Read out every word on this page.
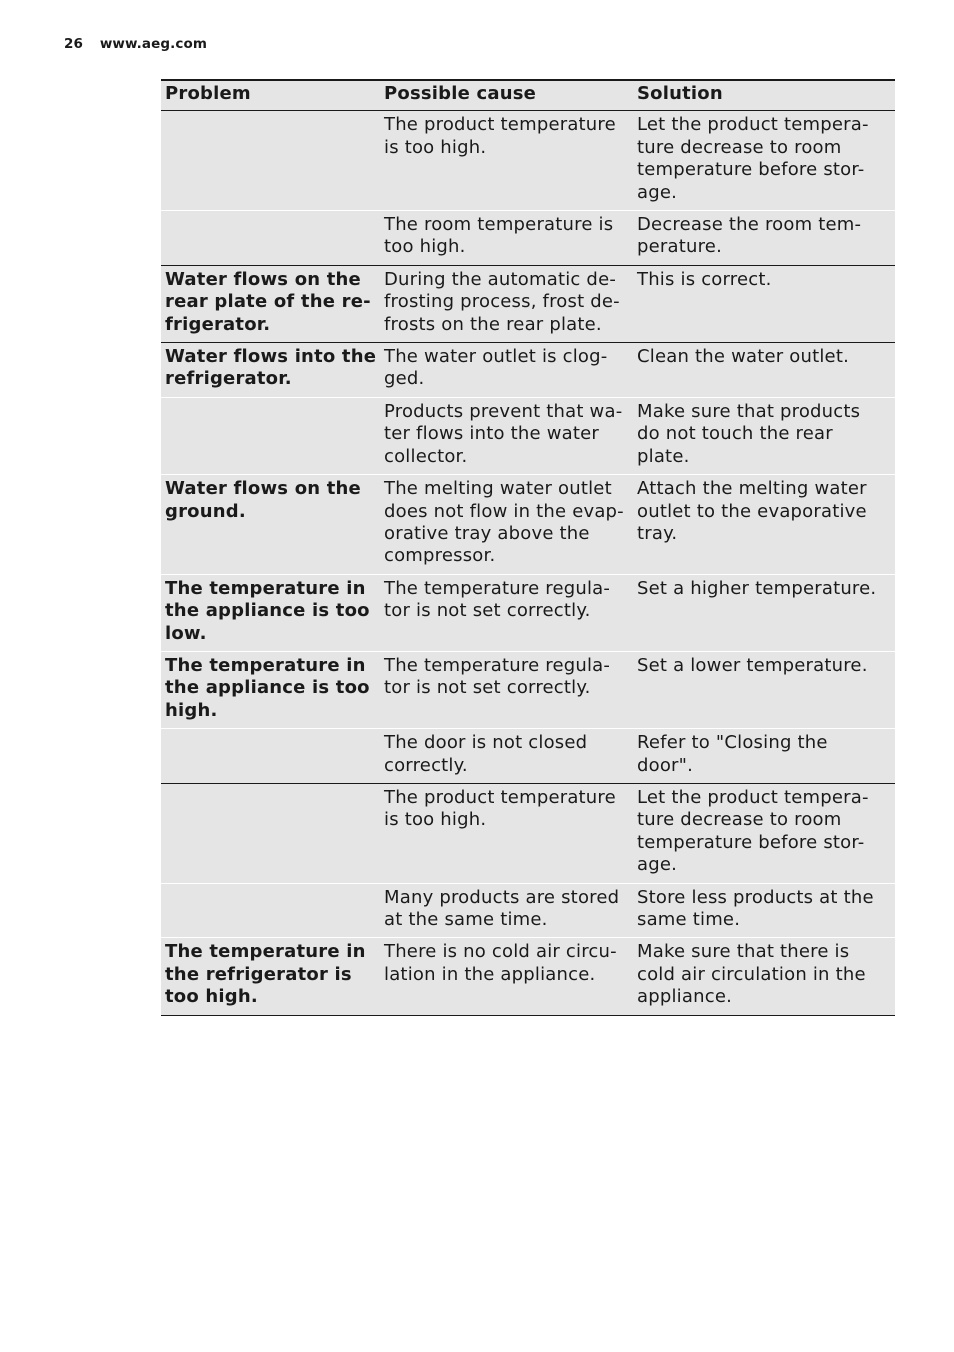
26 www.aeg.com
Problem	Possible cause	Solution
The product temperature
is too high.
Let the product tempera-
ture decrease to room
temperature before stor-
age.
The room temperature is
too high.
Decrease the room tem-
perature.
Water flows on the
rear plate of the re-
frigerator.
During the automatic de-
frosting process, frost de-
frosts on the rear plate.
This is correct.
Water flows into the
refrigerator.
The water outlet is clog-
ged.
Clean the water outlet.
Products prevent that wa-
ter flows into the water
collector.
Make sure that products
do not touch the rear
plate.
Water flows on the
ground.
The melting water outlet
does not flow in the evap-
orative tray above the
compressor.
Attach the melting water
outlet to the evaporative
tray.
The temperature in
the appliance is too
low.
The temperature regula-
tor is not set correctly.
Set a higher temperature.
The temperature in
the appliance is too
high.
The temperature regula-
tor is not set correctly.
Set a lower temperature.
The door is not closed
correctly.
Refer to "Closing the
door".
The product temperature
is too high.
Let the product tempera-
ture decrease to room
temperature before stor-
age.
Many products are stored
at the same time.
Store less products at the
same time.
The temperature in
the refrigerator is
too high.
There is no cold air circu-
lation in the appliance.
Make sure that there is
cold air circulation in the
appliance.
